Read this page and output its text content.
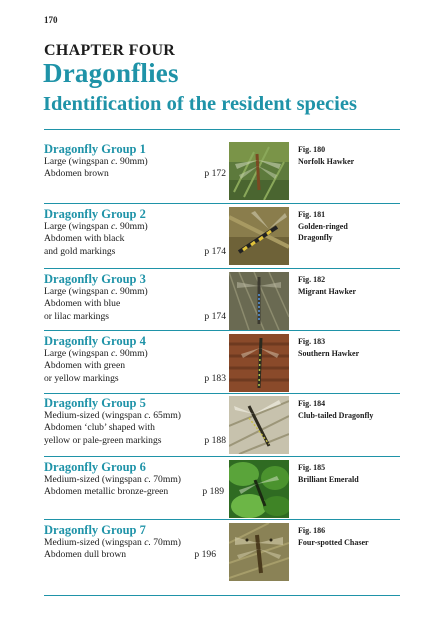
170
CHAPTER FOUR
Dragonflies
Identification of the resident species
Dragonfly Group 1
Large (wingspan c. 90mm)
Abdomen brown	p 172
Fig. 180
Norfolk Hawker
Dragonfly Group 2
Large (wingspan c. 90mm)
Abdomen with black
and gold markings	p 174
Fig. 181
Golden-ringed
Dragonfly
Dragonfly Group 3
Large (wingspan c. 90mm)
Abdomen with blue
or lilac markings	p 174
Fig. 182
Migrant Hawker
Dragonfly Group 4
Large (wingspan c. 90mm)
Abdomen with green
or yellow markings	p 183
Fig. 183
Southern Hawker
Dragonfly Group 5
Medium-sized (wingspan c. 65mm)
Abdomen ‘club’ shaped with
yellow or pale-green markings	p 188
Fig. 184
Club-tailed Dragonfly
Dragonfly Group 6
Medium-sized (wingspan c. 70mm)
Abdomen metallic bronze-green	p 189
Fig. 185
Brilliant Emerald
Dragonfly Group 7
Medium-sized (wingspan c. 70mm)
Abdomen dull brown	p 196
Fig. 186
Four-spotted Chaser
